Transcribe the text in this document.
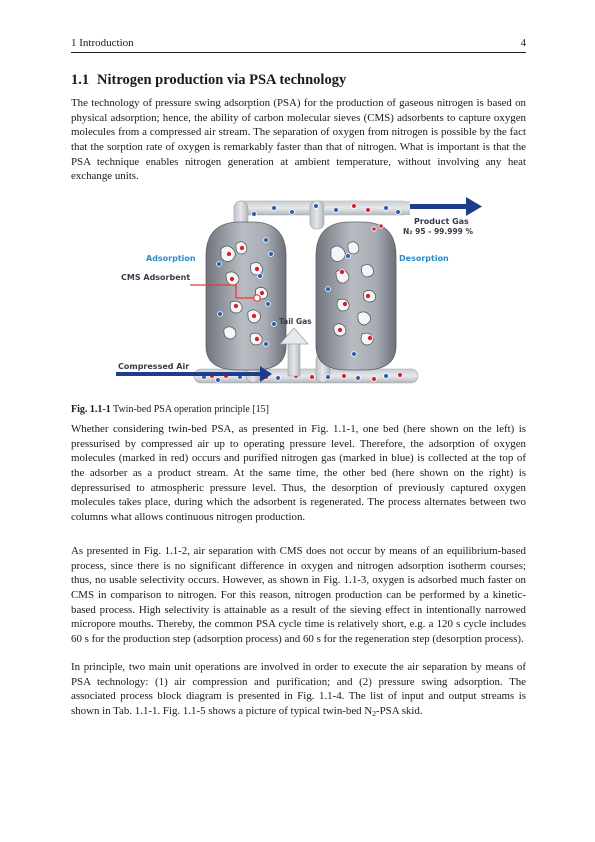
1 Introduction	4
1.1 Nitrogen production via PSA technology

The technology of pressure swing adsorption (PSA) for the production of gaseous nitrogen is based on physical adsorption; hence, the ability of carbon molecular sieves (CMS) adsorbents to capture oxygen molecules from a compressed air stream. The separation of oxygen from nitrogen is possible by the fact that the sorption rate of oxygen is remarkably faster than that of nitrogen. What is important is that the PSA technique enables nitrogen generation at ambient temperature, without involving any heat exchange units.

Adsorption
CMS Adsorbent
Compressed Air
Tail Gas
Desorption
Product Gas
N₂ 95 - 99.999 %
Fig. 1.1-1 Twin-bed PSA operation principle [15]

Whether considering twin-bed PSA, as presented in Fig. 1.1-1, one bed (here shown on the left) is pressurised by compressed air up to operating pressure level. Therefore, the adsorption of oxygen molecules (marked in red) occurs and purified nitrogen gas (marked in blue) is collected at the top of the adsorber as a product stream. At the same time, the other bed (here shown on the right) is depressurised to atmospheric pressure level. Thus, the desorption of previously captured oxygen molecules takes place, during which the adsorbent is regenerated. The process alternates between two columns what allows continuous nitrogen production.

As presented in Fig. 1.1-2, air separation with CMS does not occur by means of an equilibrium-based process, since there is no significant difference in oxygen and nitrogen adsorption isotherm courses; thus, no usable selectivity occurs. However, as shown in Fig. 1.1-3, oxygen is adsorbed much faster on CMS in comparison to nitrogen. For this reason, nitrogen production can be performed by a kinetic-based process. High selectivity is attainable as a result of the sieving effect in intentionally narrowed micropore mouths. Thereby, the common PSA cycle time is relatively short, e.g. a 120 s cycle includes 60 s for the production step (adsorption process) and 60 s for the regeneration step (desorption process).

In principle, two main unit operations are involved in order to execute the air separation by means of PSA technology: (1) air compression and purification; and (2) pressure swing adsorption. The associated process block diagram is presented in Fig. 1.1-4. The list of input and output streams is shown in Tab. 1.1-1. Fig. 1.1-5 shows a picture of typical twin-bed $N_2$-PSA skid.
